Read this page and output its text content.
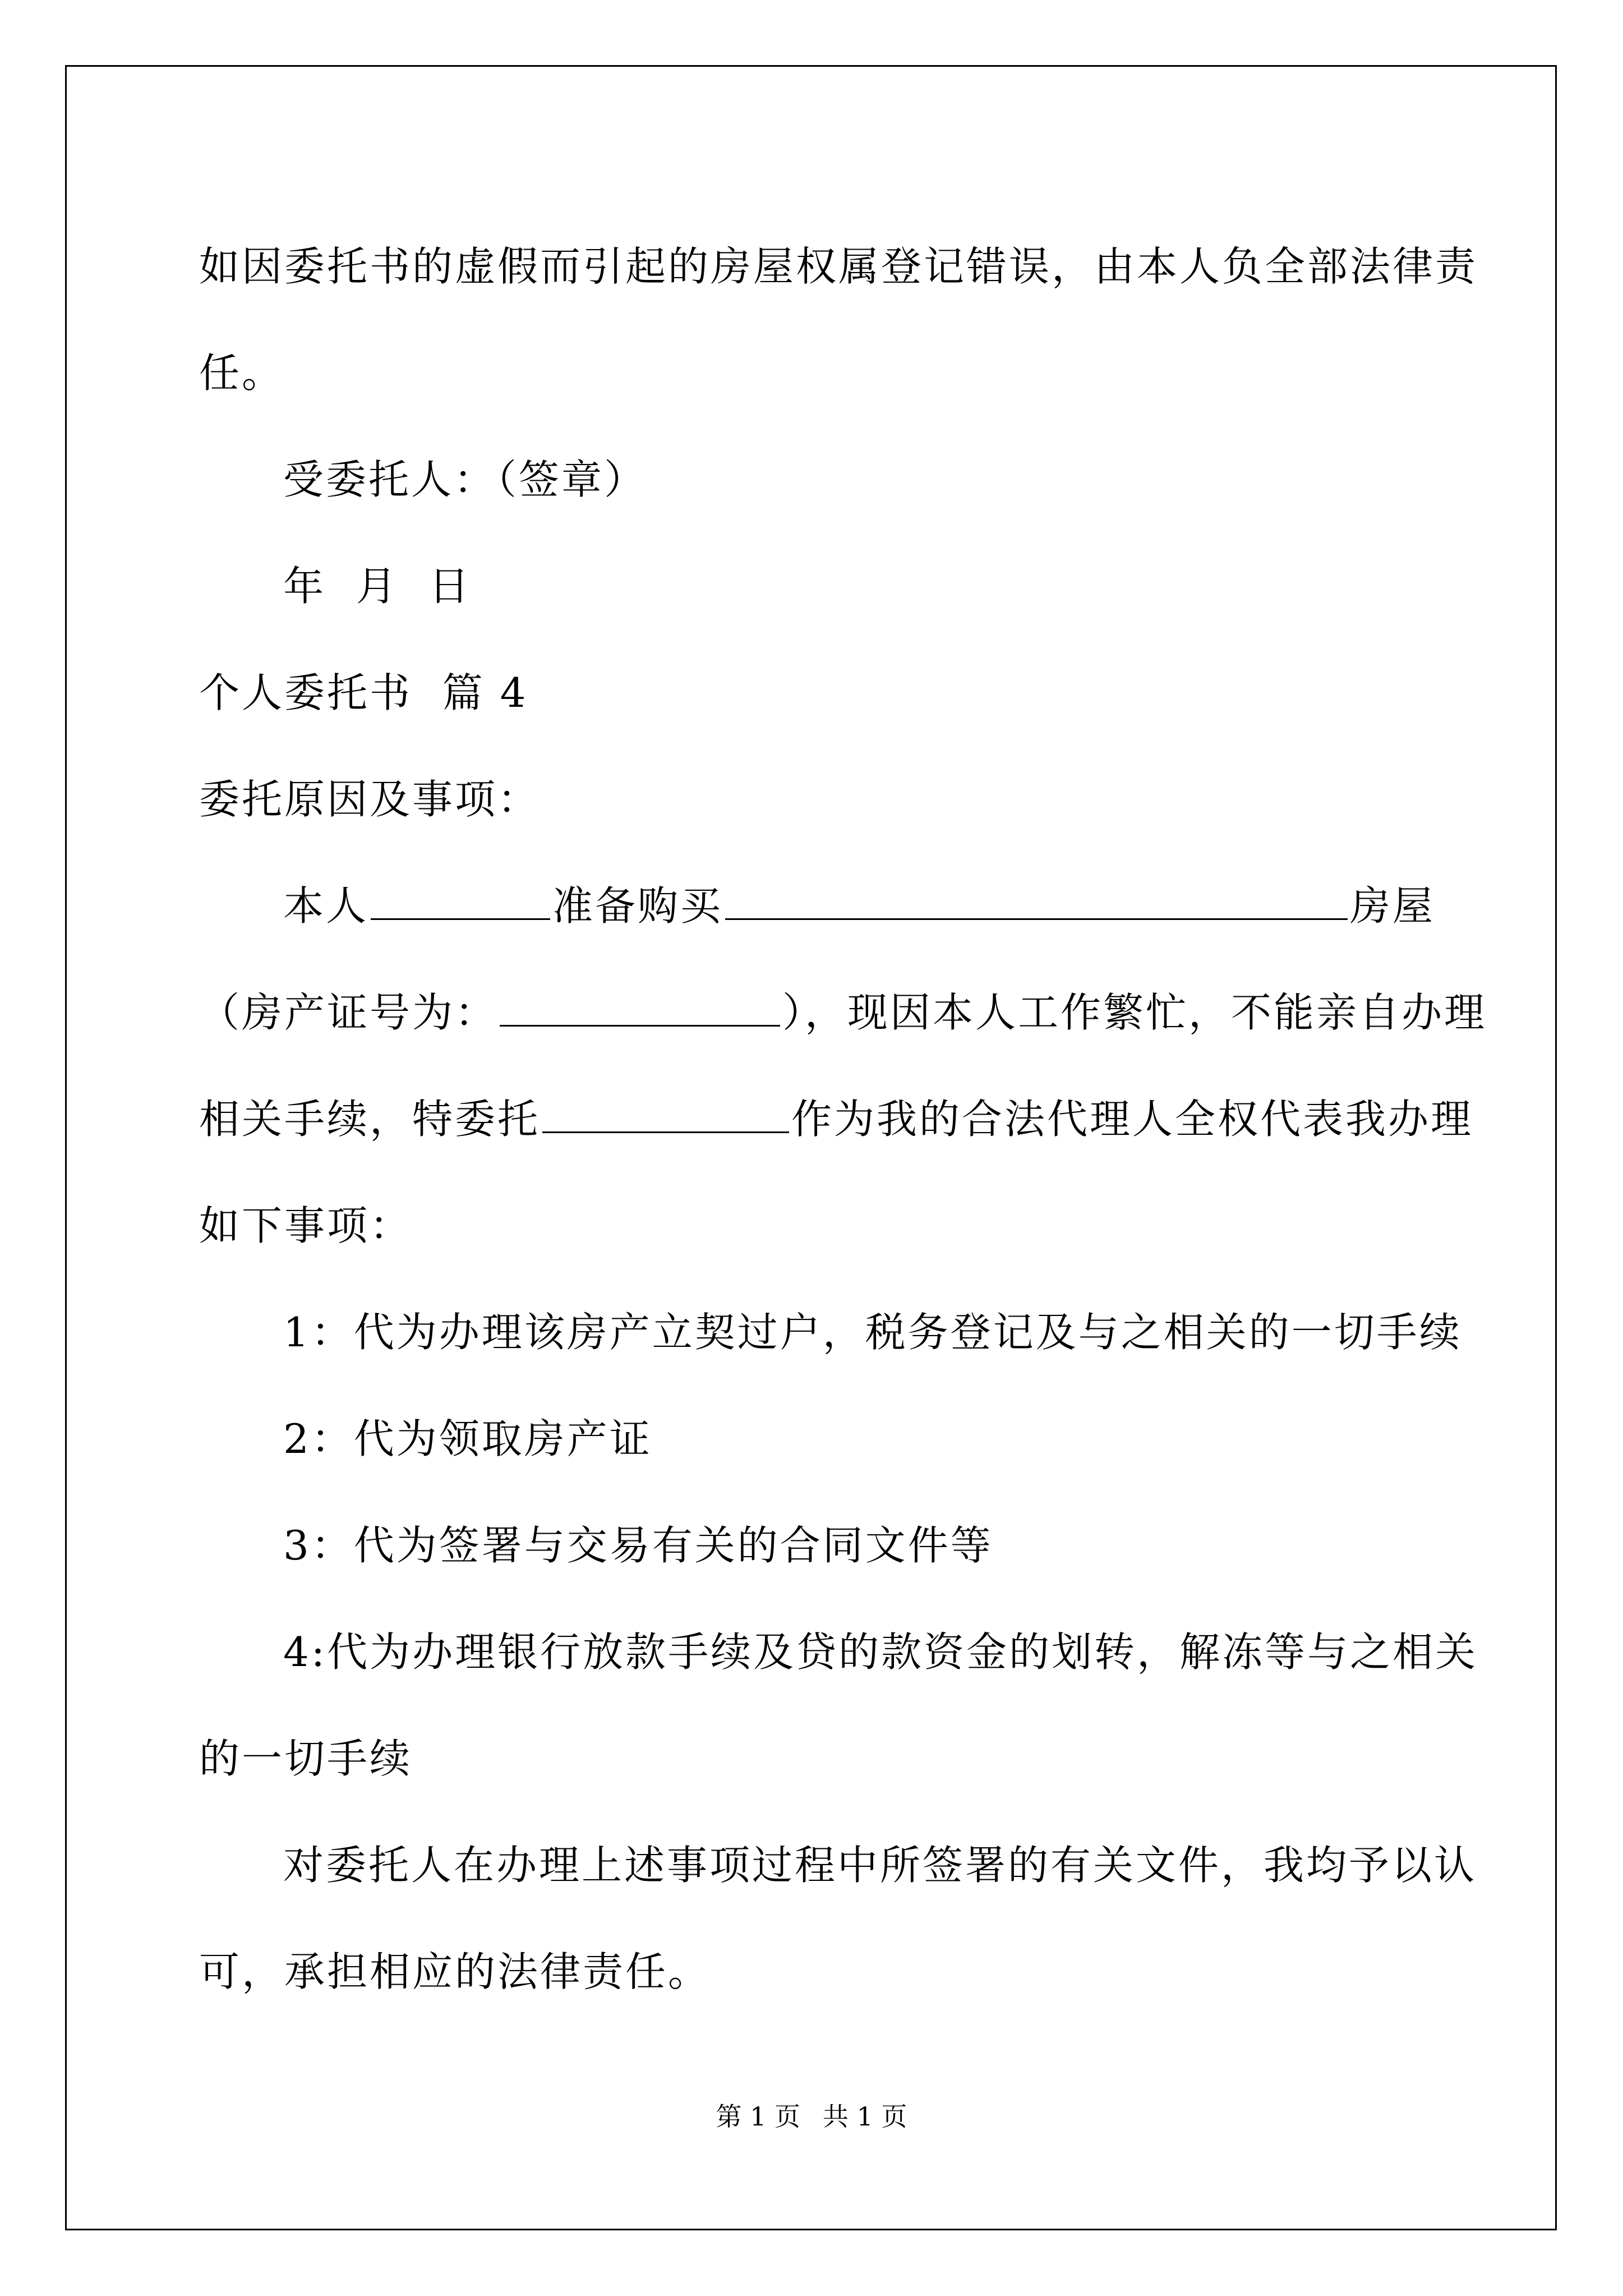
如因委托书的虚假而引起的房屋权属登记错误，由本人负全部法律责
任。
受委托人：（签章）
年  月  日
个人委托书  篇 4
委托原因及事项：
本人	准备购买	房屋
（房产证号为：	），现因本人工作繁忙，不能亲自办理
相关手续，特委托	作为我的合法代理人全权代表我办理
如下事项：
1：代为办理该房产立契过户，税务登记及与之相关的一切手续
2：代为领取房产证
3：代为签署与交易有关的合同文件等
4:代为办理银行放款手续及贷的款资金的划转，解冻等与之相关
的一切手续
对委托人在办理上述事项过程中所签署的有关文件，我均予以认
可，承担相应的法律责任。
第 1 页 共 1 页
